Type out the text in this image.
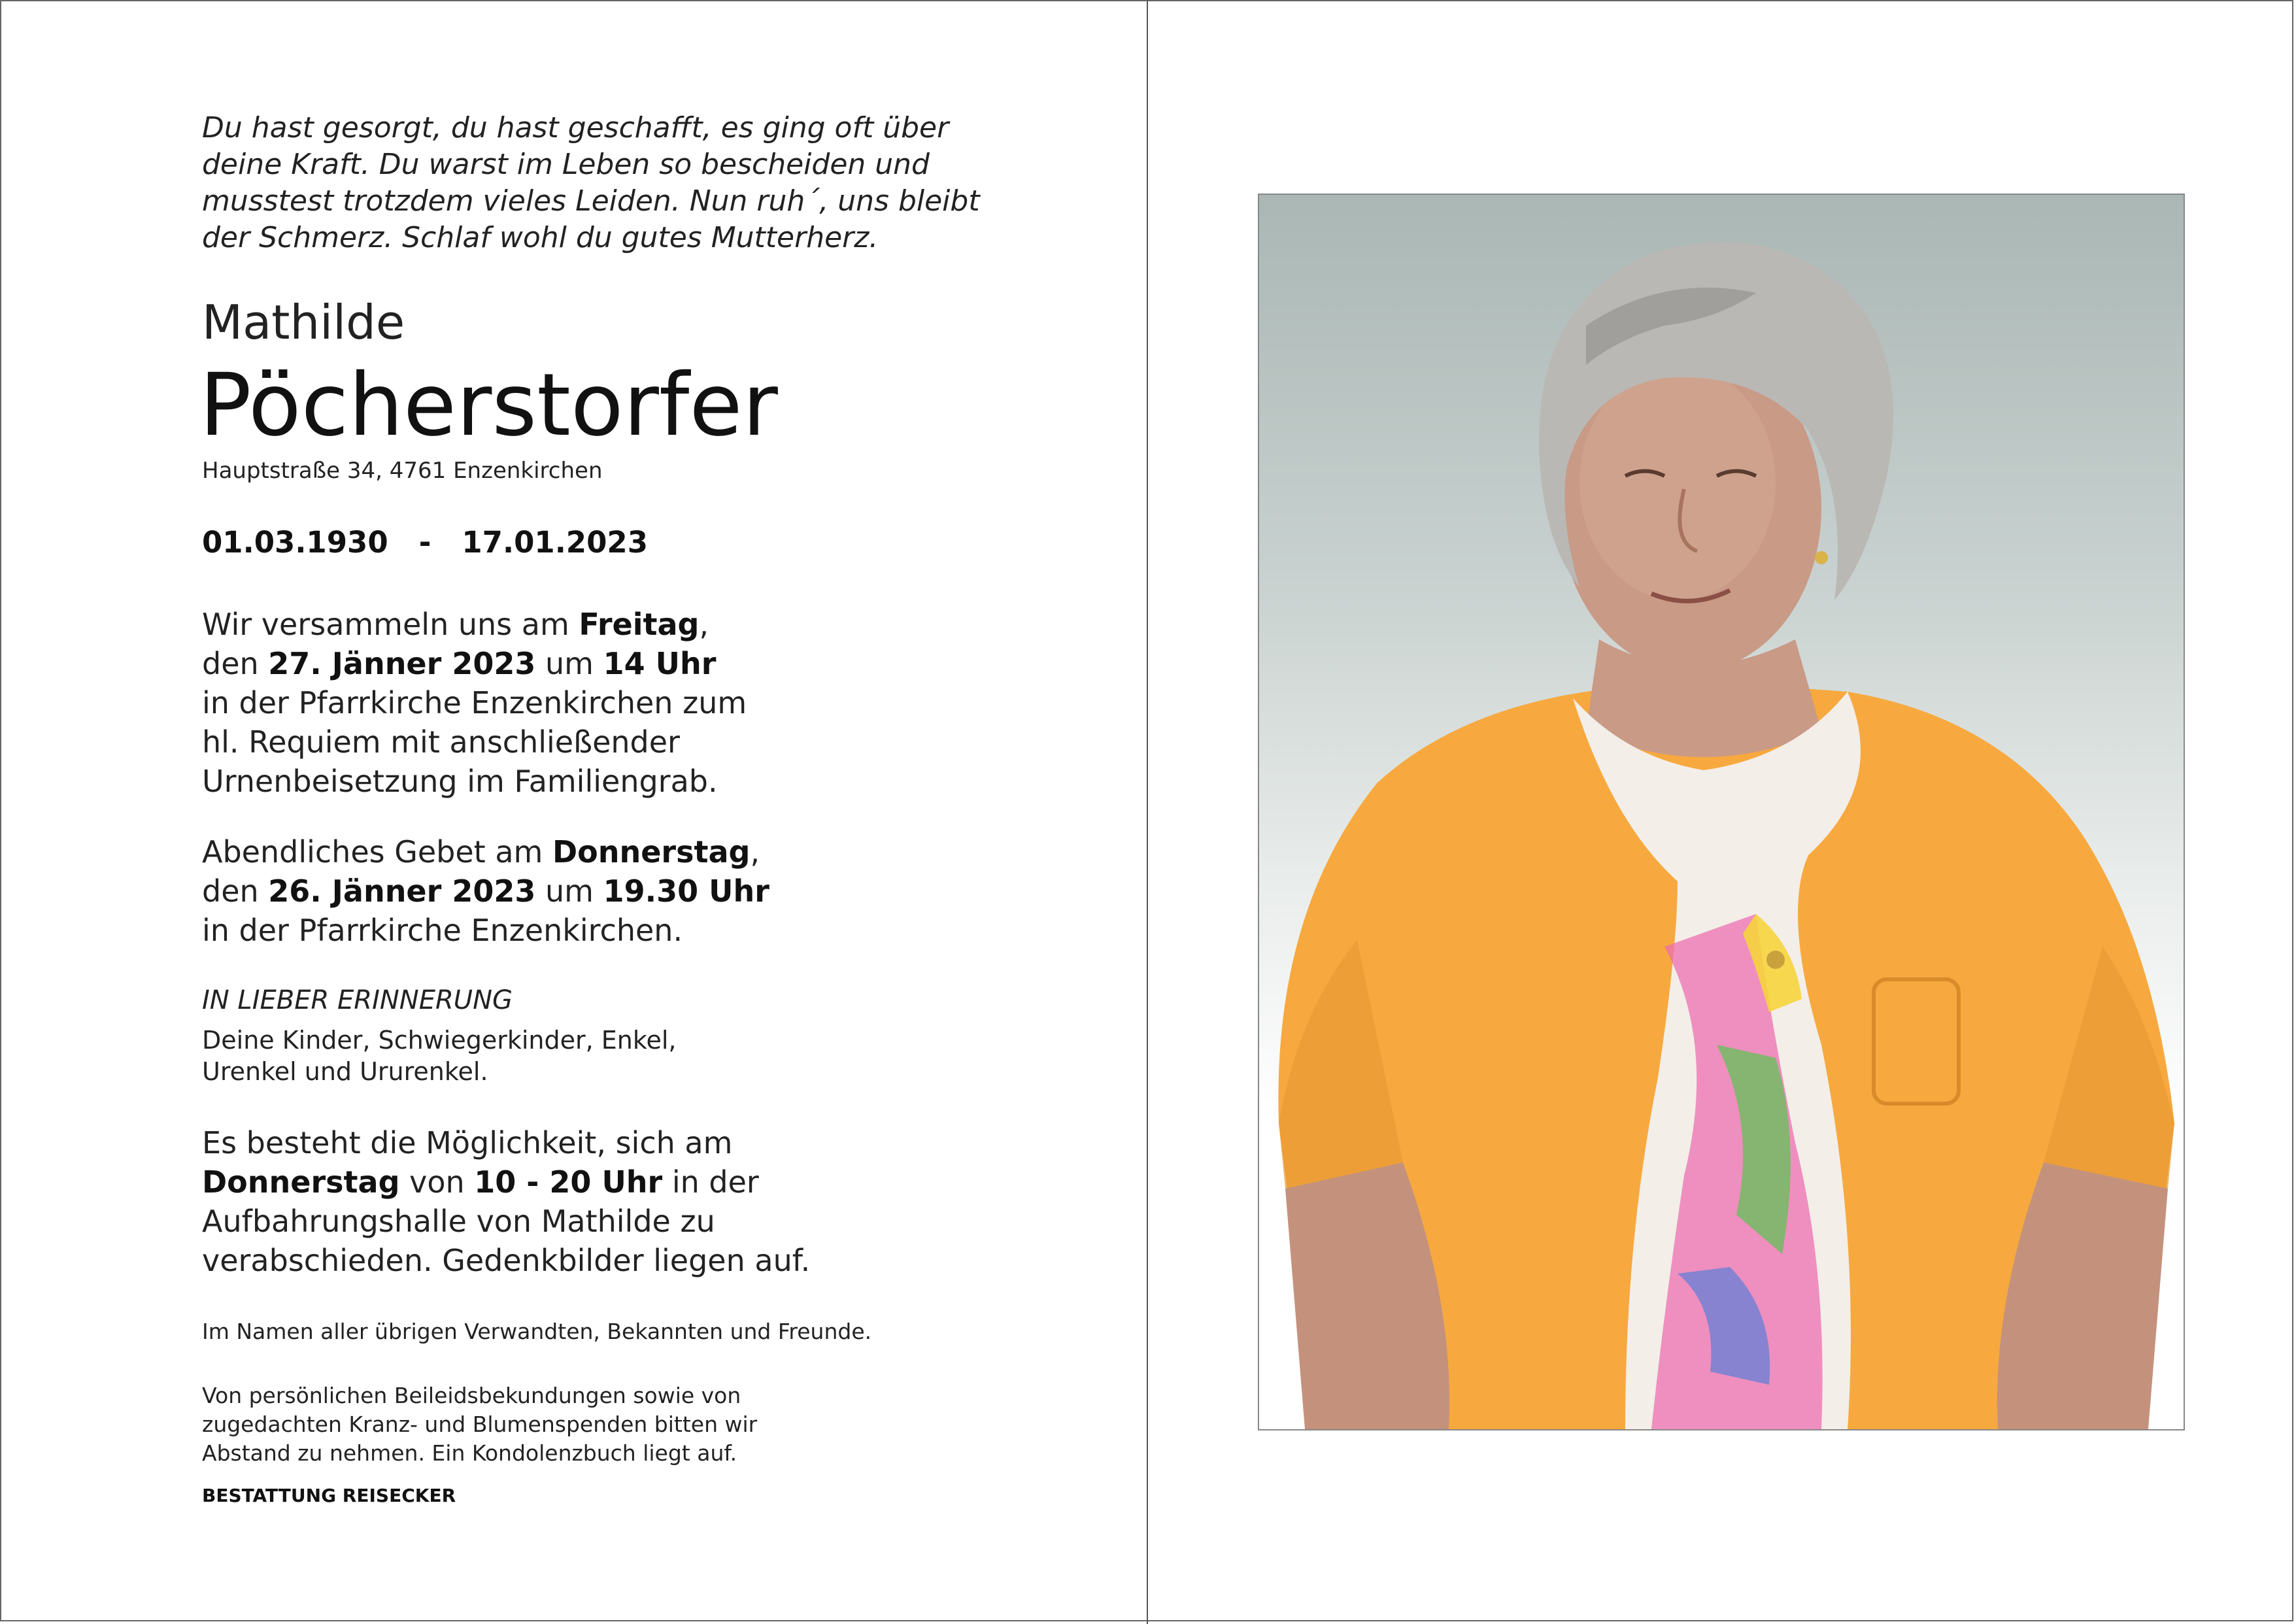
Du hast gesorgt, du hast geschafft, es ging oft über
deine Kraft. Du warst im Leben so bescheiden und
musstest trotzdem vieles Leiden. Nun ruh´, uns bleibt
der Schmerz. Schlaf wohl du gutes Mutterherz.

Mathilde
Pöcherstorfer
Hauptstraße 34, 4761 Enzenkirchen
01.03.1930 - 17.01.2023

Wir versammeln uns am Freitag,
den 27. Jänner 2023 um 14 Uhr
in der Pfarrkirche Enzenkirchen zum
hl. Requiem mit anschließender
Urnenbeisetzung im Familiengrab.

Abendliches Gebet am Donnerstag,
den 26. Jänner 2023 um 19.30 Uhr
in der Pfarrkirche Enzenkirchen.

IN LIEBER ERINNERUNG

Deine Kinder, Schwiegerkinder, Enkel,
Urenkel und Ururenkel.

Es besteht die Möglichkeit, sich am
Donnerstag von 10 - 20 Uhr in der
Aufbahrungshalle von Mathilde zu
verabschieden. Gedenkbilder liegen auf.

Im Namen aller übrigen Verwandten, Bekannten und Freunde.

Von persönlichen Beileidsbekundungen sowie von
zugedachten Kranz- und Blumenspenden bitten wir
Abstand zu nehmen. Ein Kondolenzbuch liegt auf.

BESTATTUNG REISECKER
